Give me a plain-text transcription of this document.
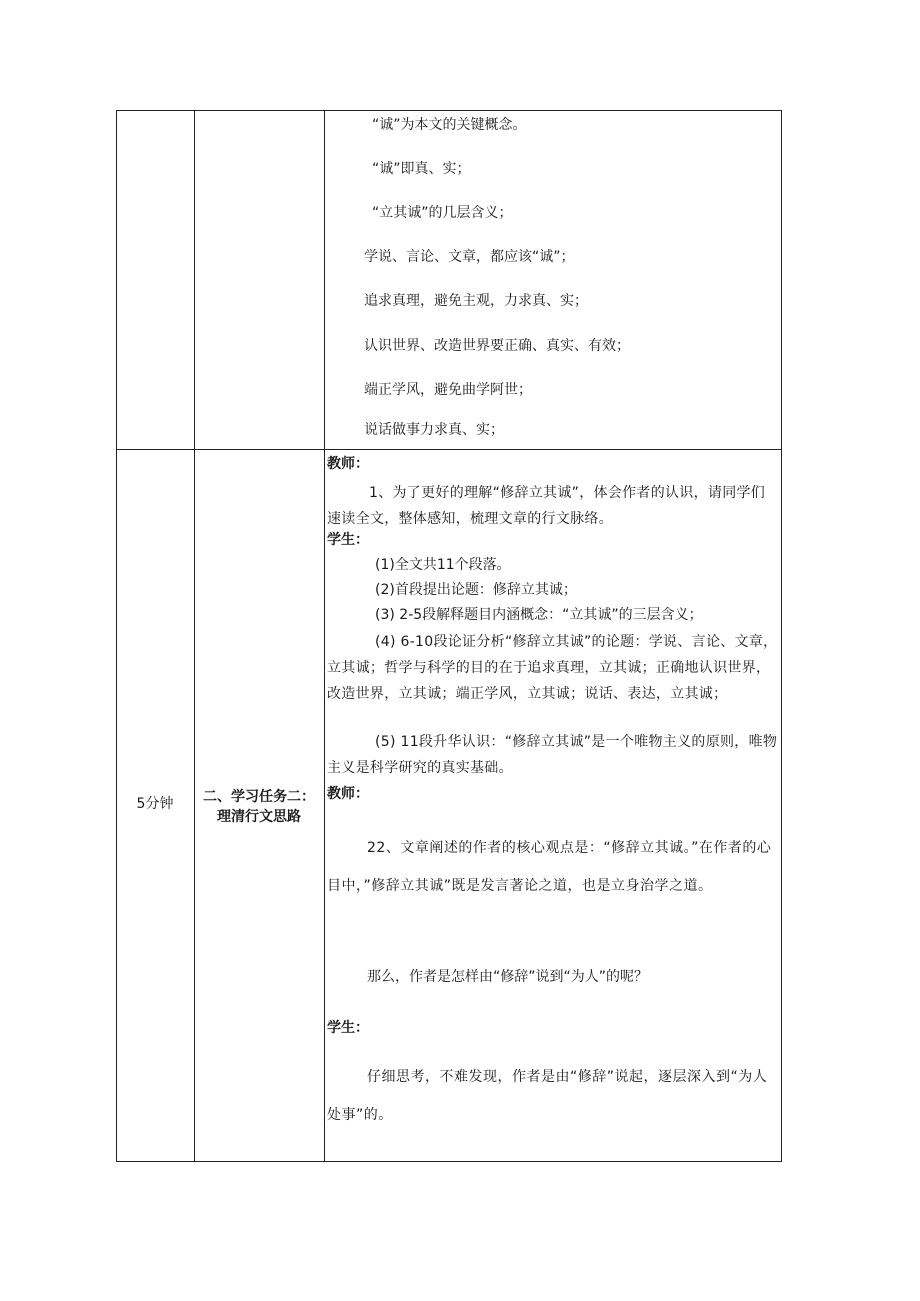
“诚”为本文的关键概念。
“诚”即真、实；
“立其诚”的几层含义；
学说、言论、文章，都应该“诚”；
追求真理，避免主观，力求真、实；
认识世界、改造世界要正确、真实、有效；
端正学风，避免曲学阿世；
说话做事力求真、实；
5分钟	二、学习任务二：
理清行文思路
教师：
1、为了更好的理解“修辞立其诚”，体会作者的认识，请同学们速读全文，整体感知，梳理文章的行文脉络。
学生：
(1)全文共11个段落。
(2)首段提出论题：修辞立其诚；
(3) 2-5段解释题目内涵概念：“立其诚”的三层含义；
(4) 6-10段论证分析“修辞立其诚”的论题：学说、言论、文章，立其诚；哲学与科学的目的在于追求真理，立其诚；正确地认识世界，改造世界，立其诚；端正学风，立其诚；说话、表达，立其诚；
(5) 11段升华认识：“修辞立其诚”是一个唯物主义的原则，唯物主义是科学研究的真实基础。
教师：
22、文章阐述的作者的核心观点是：“修辞立其诚。”在作者的心目中，”修辞立其诚”既是发言著论之道，也是立身治学之道。
那么，作者是怎样由“修辞”说到“为人”的呢？
学生：
仔细思考，不难发现，作者是由“修辞”说起，逐层深入到“为人处事”的。
